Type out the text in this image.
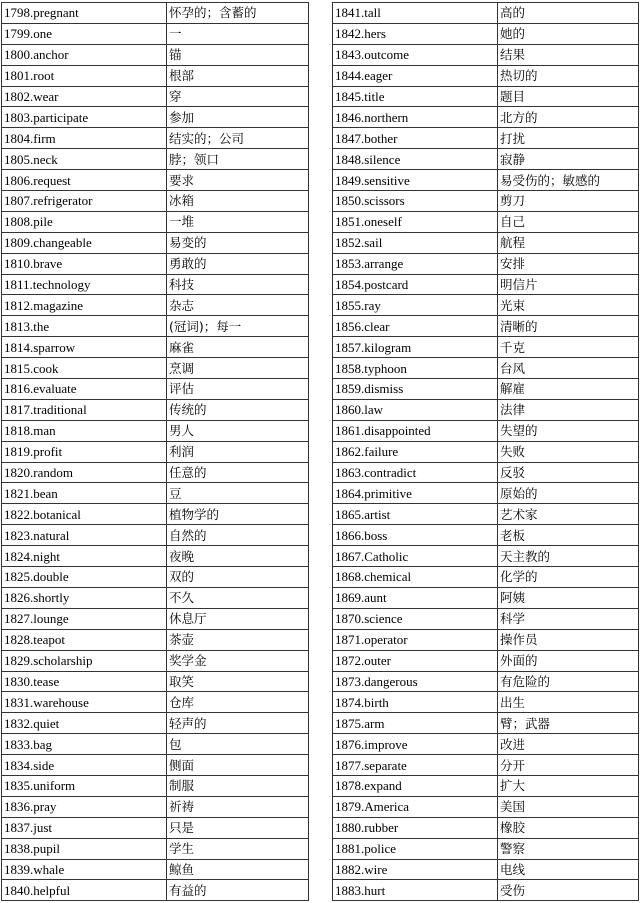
1798.pregnant	怀孕的；含蓄的
1799.one	一
1800.anchor	锚
1801.root	根部
1802.wear	穿
1803.participate	参加
1804.firm	结实的；公司
1805.neck	脖；领口
1806.request	要求
1807.refrigerator	冰箱
1808.pile	一堆
1809.changeable	易变的
1810.brave	勇敢的
1811.technology	科技
1812.magazine	杂志
1813.the	(冠词)；每一
1814.sparrow	麻雀
1815.cook	烹调
1816.evaluate	评估
1817.traditional	传统的
1818.man	男人
1819.profit	利润
1820.random	任意的
1821.bean	豆
1822.botanical	植物学的
1823.natural	自然的
1824.night	夜晚
1825.double	双的
1826.shortly	不久
1827.lounge	休息厅
1828.teapot	茶壶
1829.scholarship	奖学金
1830.tease	取笑
1831.warehouse	仓库
1832.quiet	轻声的
1833.bag	包
1834.side	侧面
1835.uniform	制服
1836.pray	祈祷
1837.just	只是
1838.pupil	学生
1839.whale	鲸鱼
1840.helpful	有益的
1841.tall	高的
1842.hers	她的
1843.outcome	结果
1844.eager	热切的
1845.title	题目
1846.northern	北方的
1847.bother	打扰
1848.silence	寂静
1849.sensitive	易受伤的；敏感的
1850.scissors	剪刀
1851.oneself	自己
1852.sail	航程
1853.arrange	安排
1854.postcard	明信片
1855.ray	光束
1856.clear	清晰的
1857.kilogram	千克
1858.typhoon	台风
1859.dismiss	解雇
1860.law	法律
1861.disappointed	失望的
1862.failure	失败
1863.contradict	反驳
1864.primitive	原始的
1865.artist	艺术家
1866.boss	老板
1867.Catholic	天主教的
1868.chemical	化学的
1869.aunt	阿姨
1870.science	科学
1871.operator	操作员
1872.outer	外面的
1873.dangerous	有危险的
1874.birth	出生
1875.arm	臂；武器
1876.improve	改进
1877.separate	分开
1878.expand	扩大
1879.America	美国
1880.rubber	橡胶
1881.police	警察
1882.wire	电线
1883.hurt	受伤
